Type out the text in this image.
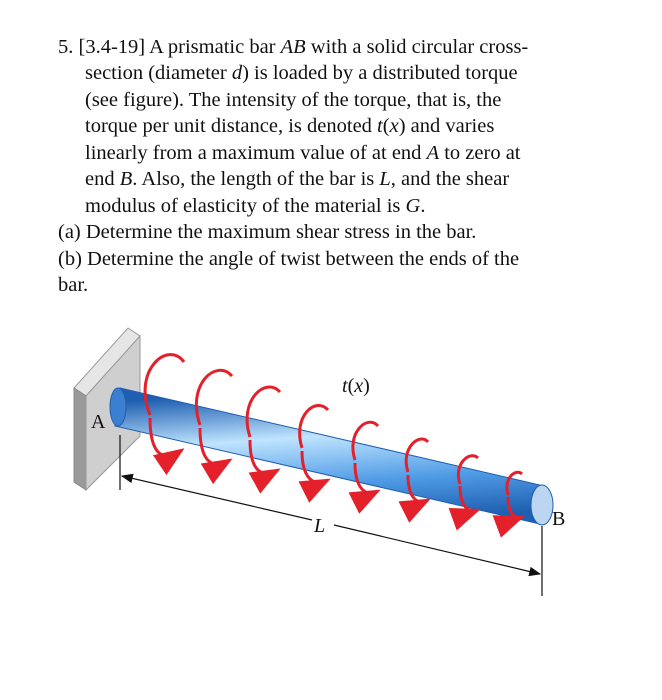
5. [3.4-19] A prismatic bar AB with a solid circular cross-
section (diameter d) is loaded by a distributed torque
(see figure). The intensity of the torque, that is, the
torque per unit distance, is denoted t(x) and varies
linearly from a maximum value of at end A to zero at
end B. Also, the length of the bar is L, and the shear
modulus of elasticity of the material is G.
(a) Determine the maximum shear stress in the bar.
(b) Determine the angle of twist between the ends of the
bar.
A
B
L
t(x)
